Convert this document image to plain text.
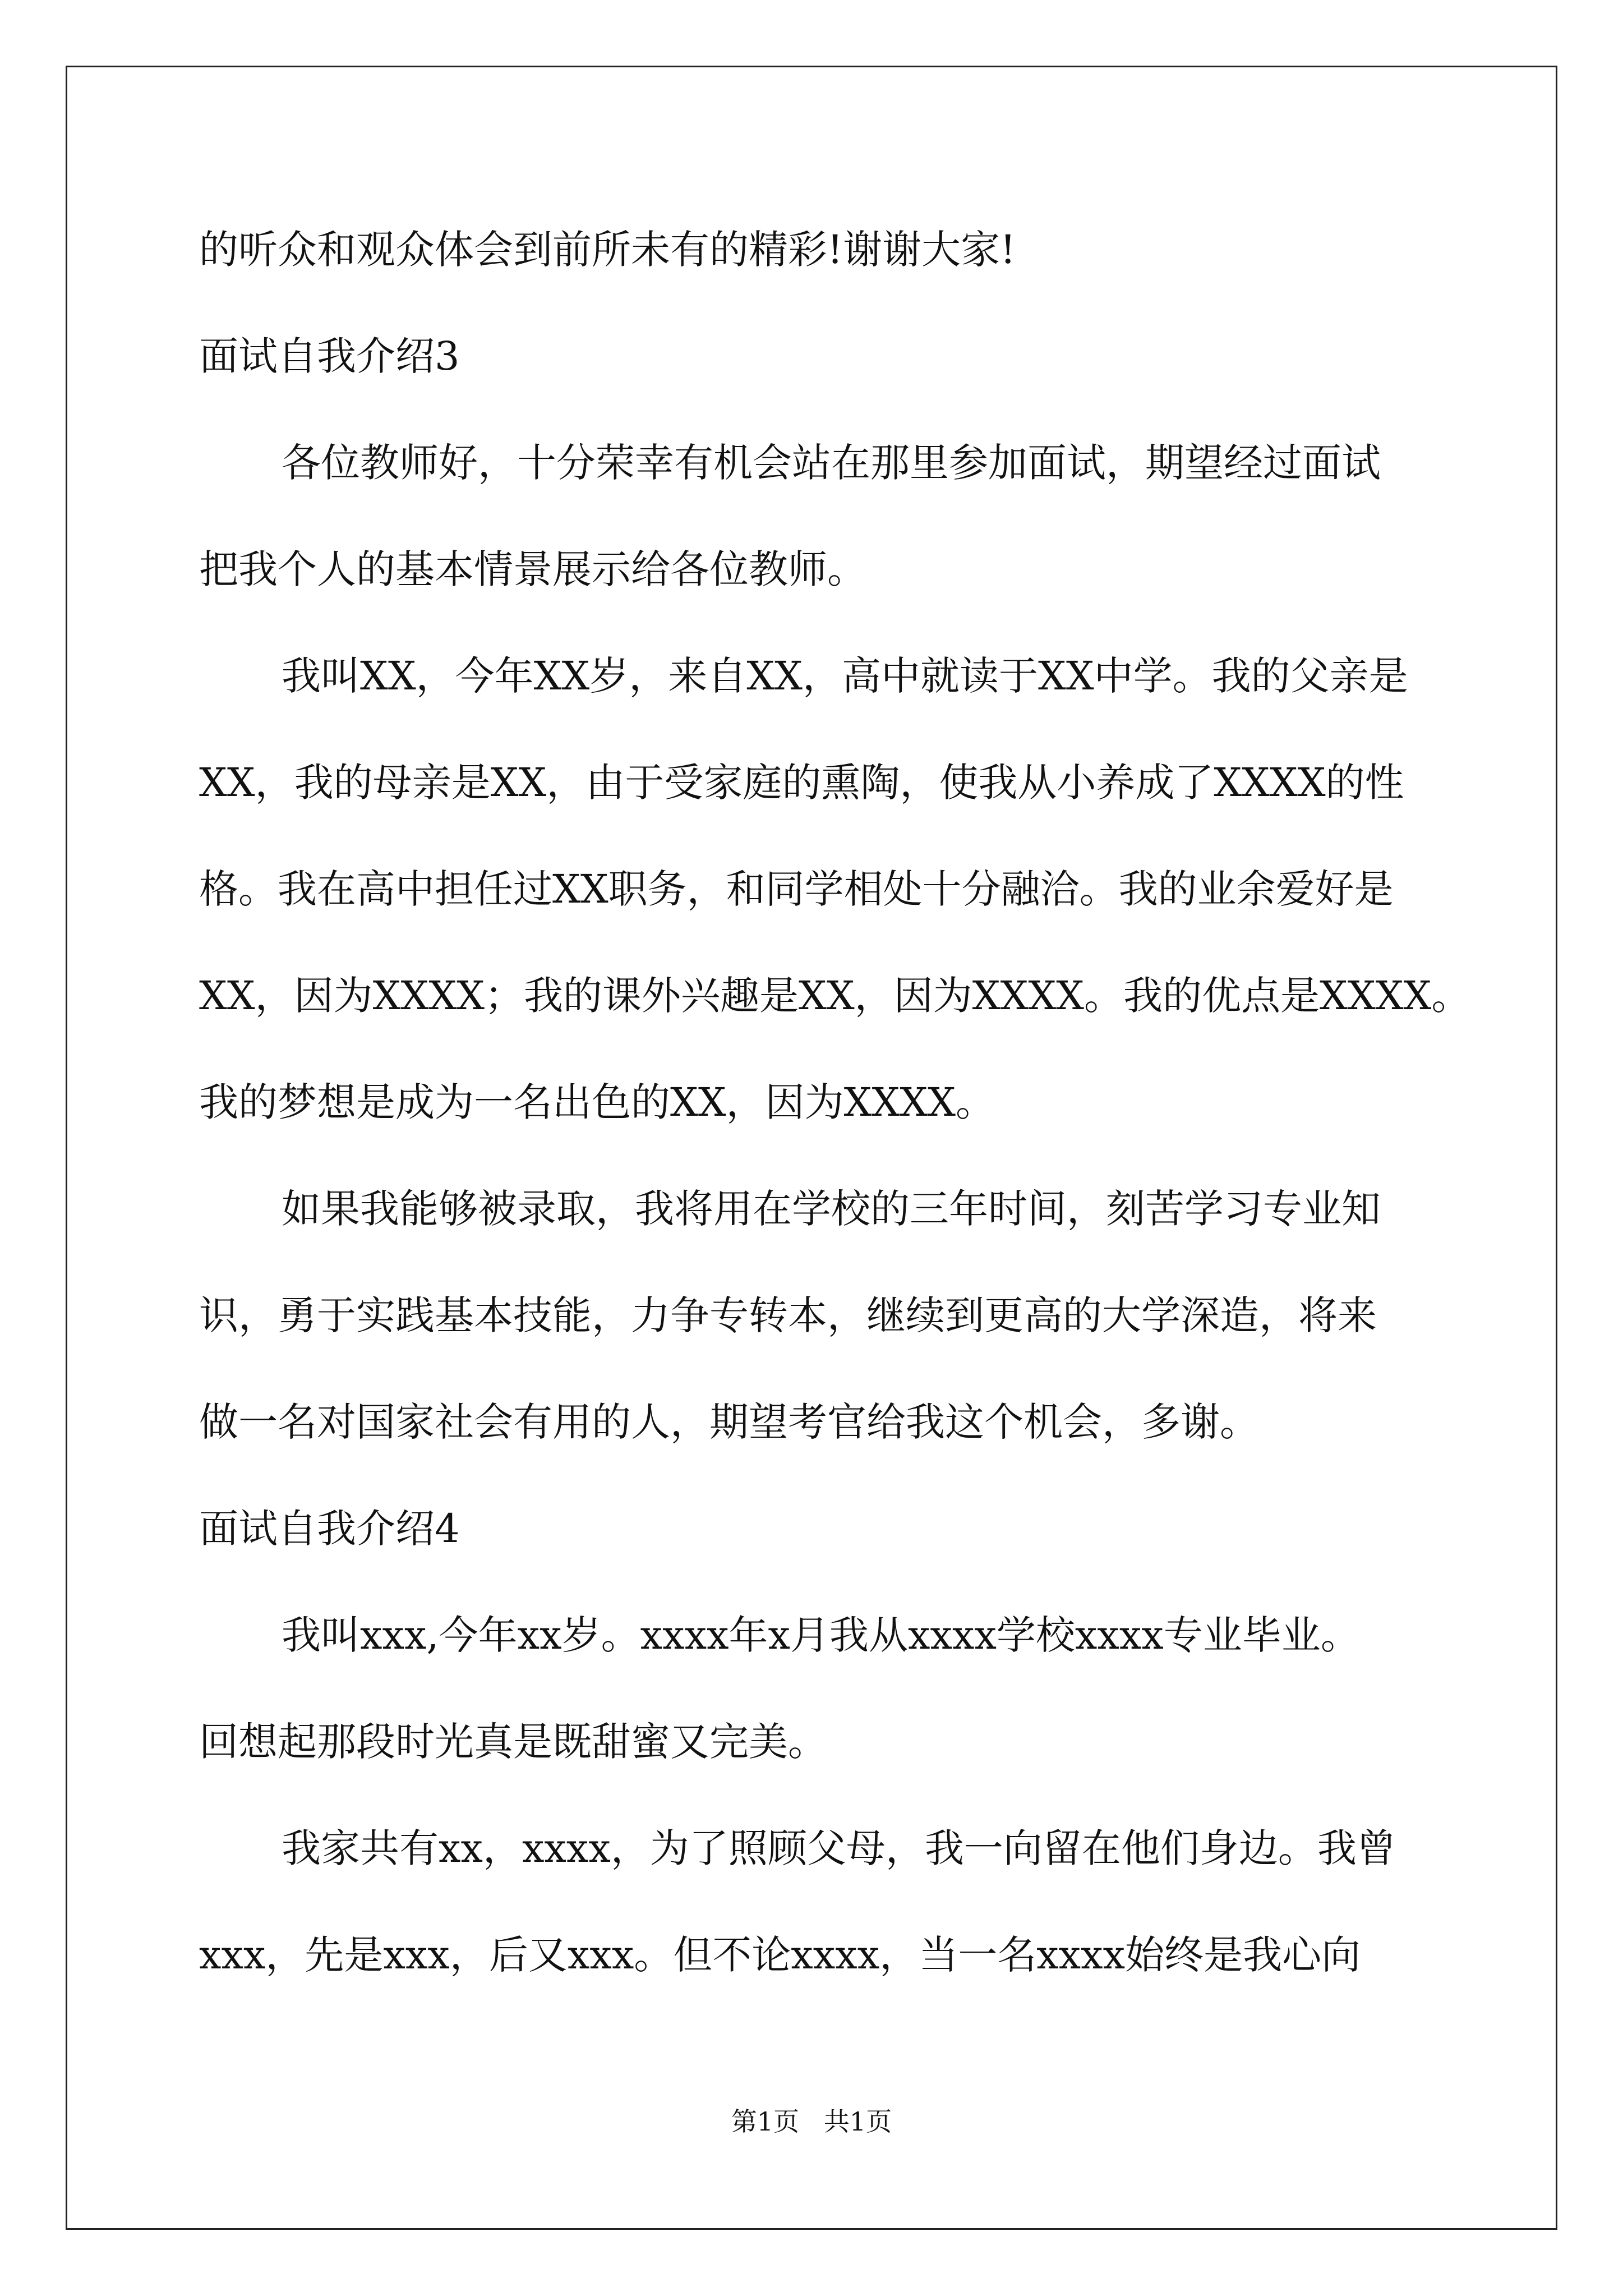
的听众和观众体会到前所未有的精彩!谢谢大家!
面试自我介绍3
各位教师好，十分荣幸有机会站在那里参加面试，期望经过面试
把我个人的基本情景展示给各位教师。
我叫XX，今年XX岁，来自XX，高中就读于XX中学。我的父亲是
XX，我的母亲是XX，由于受家庭的熏陶，使我从小养成了XXXX的性
格。我在高中担任过XX职务，和同学相处十分融洽。我的业余爱好是
XX，因为XXXX；我的课外兴趣是XX，因为XXXX。我的优点是XXXX。
我的梦想是成为一名出色的XX，因为XXXX。
如果我能够被录取，我将用在学校的三年时间，刻苦学习专业知
识，勇于实践基本技能，力争专转本，继续到更高的大学深造，将来
做一名对国家社会有用的人，期望考官给我这个机会，多谢。
面试自我介绍4
我叫xxx,今年xx岁。xxxx年x月我从xxxx学校xxxx专业毕业。
回想起那段时光真是既甜蜜又完美。
我家共有xx，xxxx，为了照顾父母，我一向留在他们身边。我曾
xxx，先是xxx，后又xxx。但不论xxxx，当一名xxxx始终是我心向
第1页   共1页
